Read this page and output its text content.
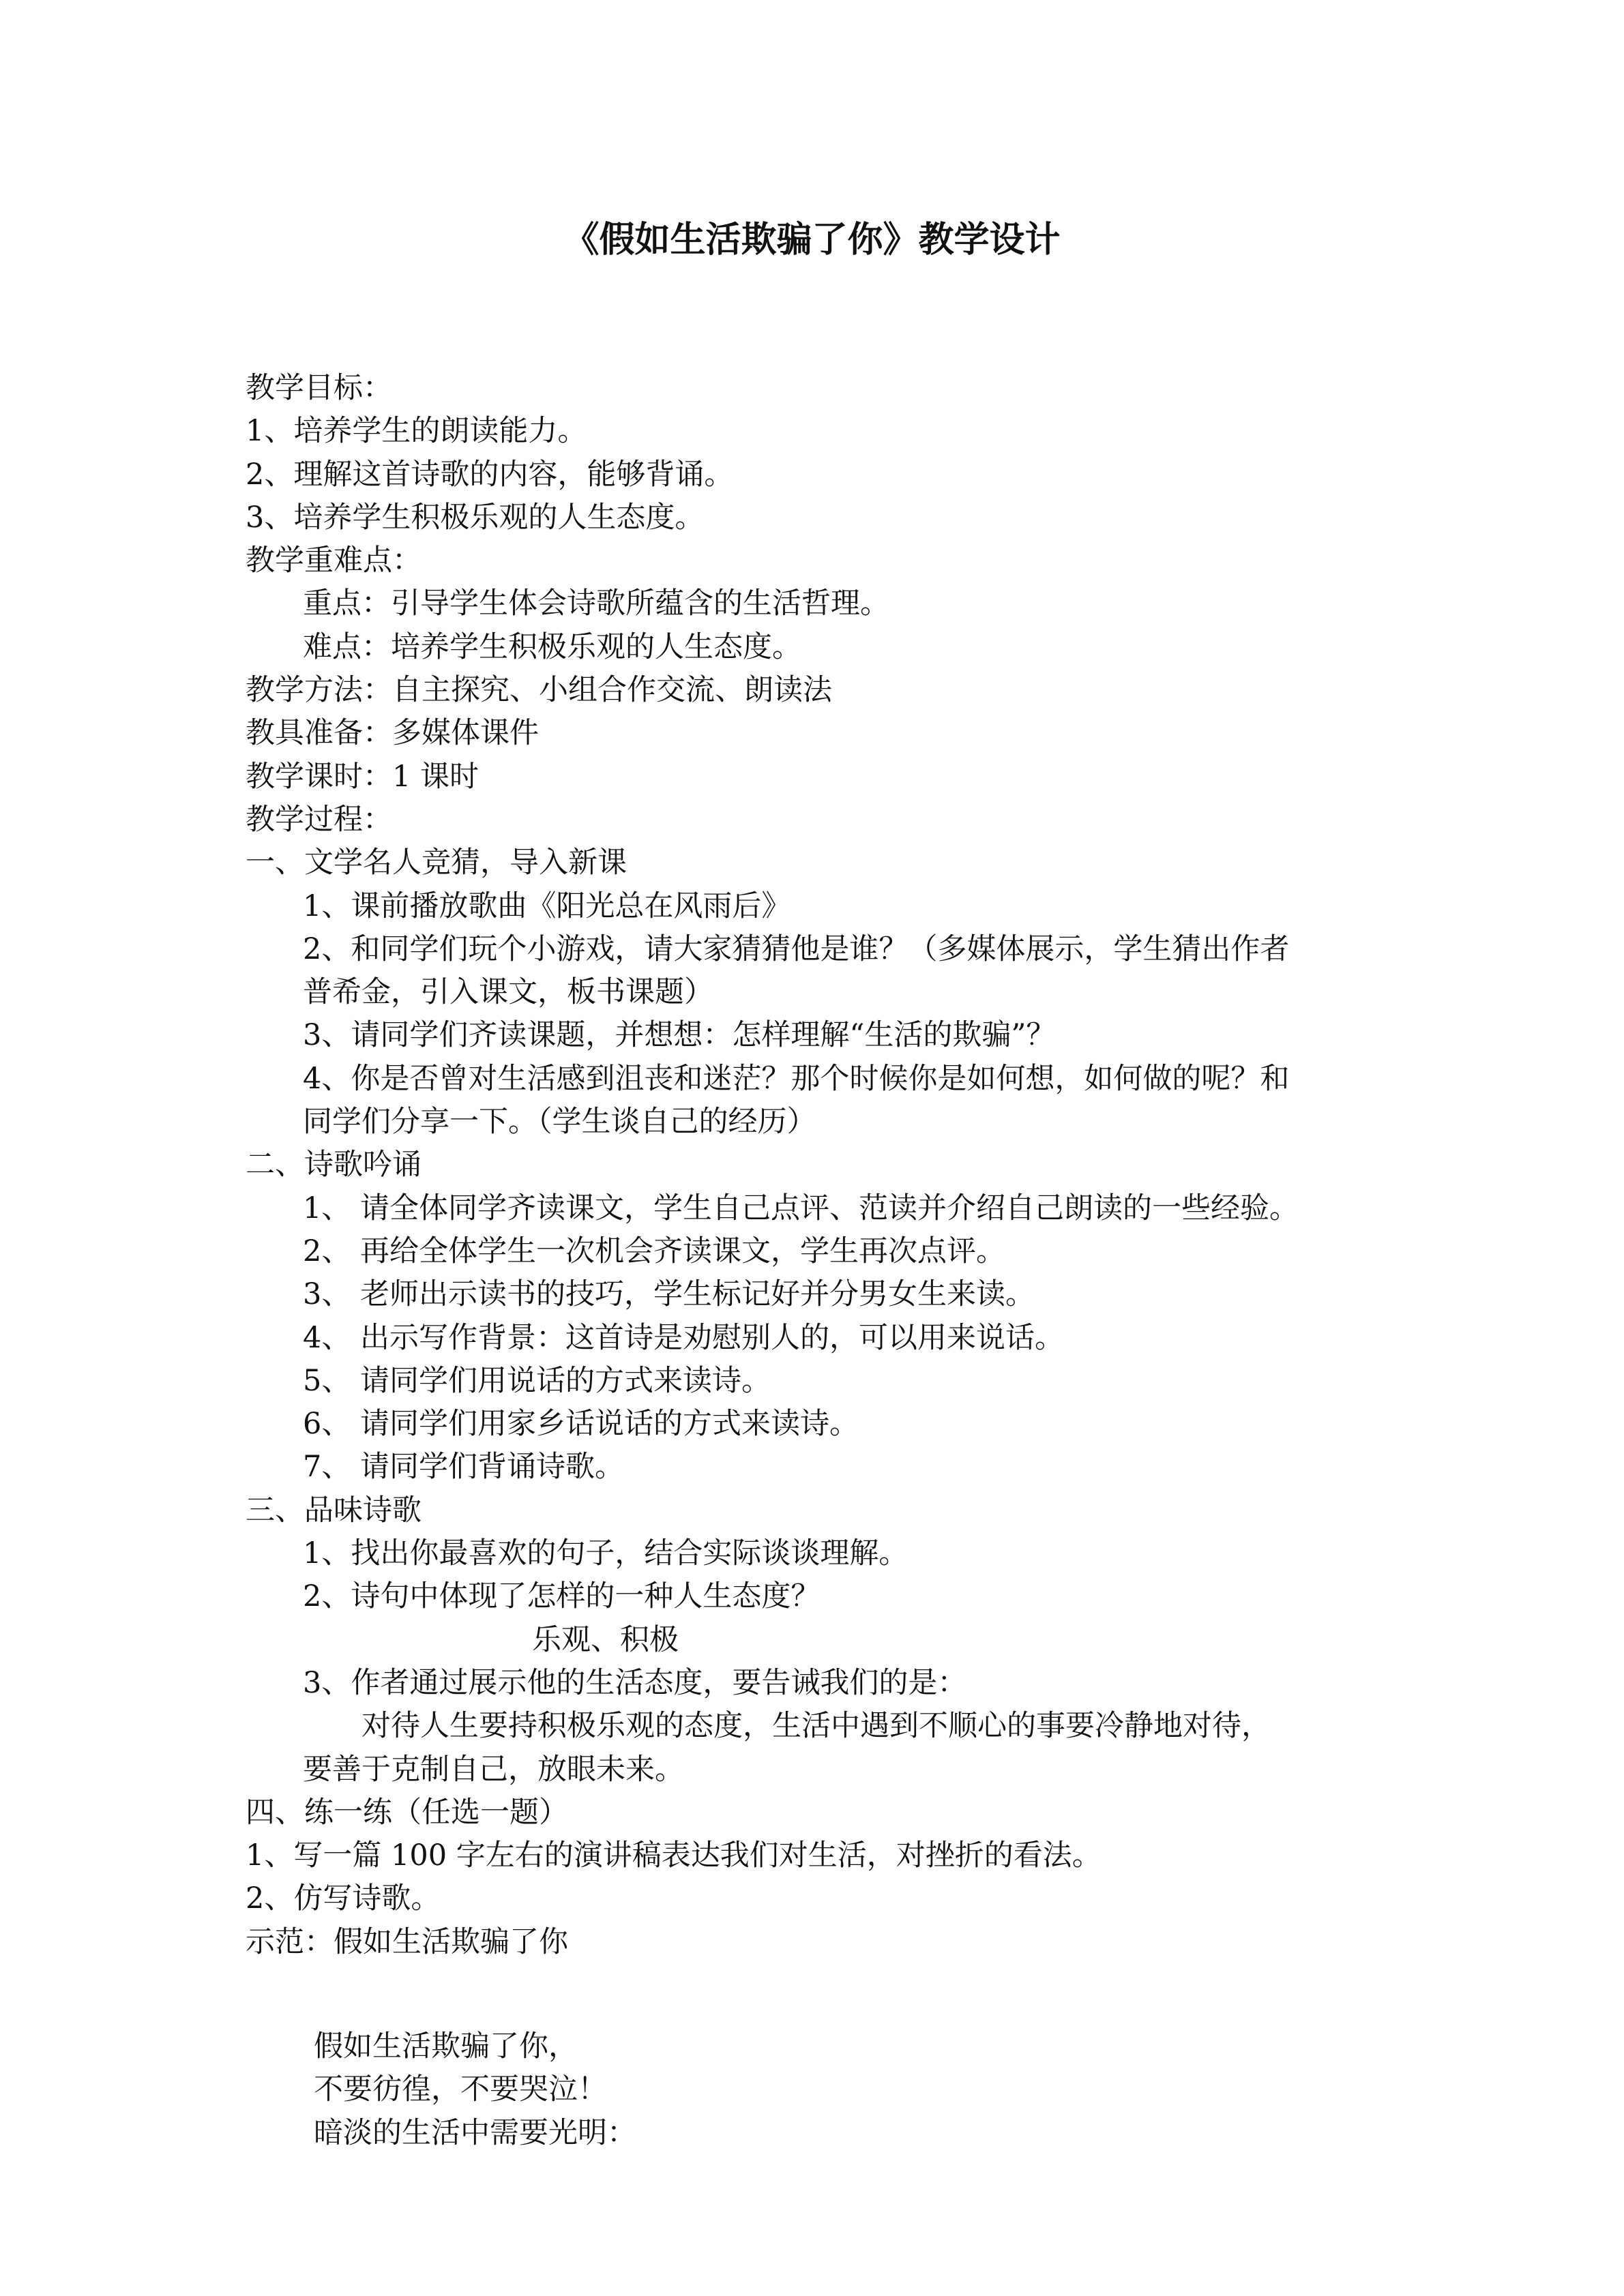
《假如生活欺骗了你》教学设计

教学目标：

1、培养学生的朗读能力。

2、理解这首诗歌的内容，能够背诵。

3、培养学生积极乐观的人生态度。

教学重难点：

重点：引导学生体会诗歌所蕴含的生活哲理。

难点：培养学生积极乐观的人生态度。

教学方法：自主探究、小组合作交流、朗读法

教具准备：多媒体课件

教学课时：1 课时

教学过程：

一、文学名人竞猜，导入新课

1、课前播放歌曲《阳光总在风雨后》

2、和同学们玩个小游戏，请大家猜猜他是谁？（多媒体展示，学生猜出作者

普希金，引入课文，板书课题）

3、请同学们齐读课题，并想想：怎样理解“生活的欺骗”？

4、你是否曾对生活感到沮丧和迷茫？那个时候你是如何想，如何做的呢？和

同学们分享一下。（学生谈自己的经历）

二、诗歌吟诵

1、 请全体同学齐读课文，学生自己点评、范读并介绍自己朗读的一些经验。

2、 再给全体学生一次机会齐读课文，学生再次点评。

3、 老师出示读书的技巧，学生标记好并分男女生来读。

4、 出示写作背景：这首诗是劝慰别人的，可以用来说话。

5、 请同学们用说话的方式来读诗。

6、 请同学们用家乡话说话的方式来读诗。

7、 请同学们背诵诗歌。

三、品味诗歌

1、找出你最喜欢的句子，结合实际谈谈理解。

2、诗句中体现了怎样的一种人生态度？

乐观、积极

3、作者通过展示他的生活态度，要告诫我们的是：

对待人生要持积极乐观的态度，生活中遇到不顺心的事要冷静地对待，

要善于克制自己，放眼未来。

四、练一练（任选一题）

1、写一篇 100 字左右的演讲稿表达我们对生活，对挫折的看法。

2、仿写诗歌。

示范：假如生活欺骗了你

假如生活欺骗了你，

不要彷徨，不要哭泣！

暗淡的生活中需要光明：
